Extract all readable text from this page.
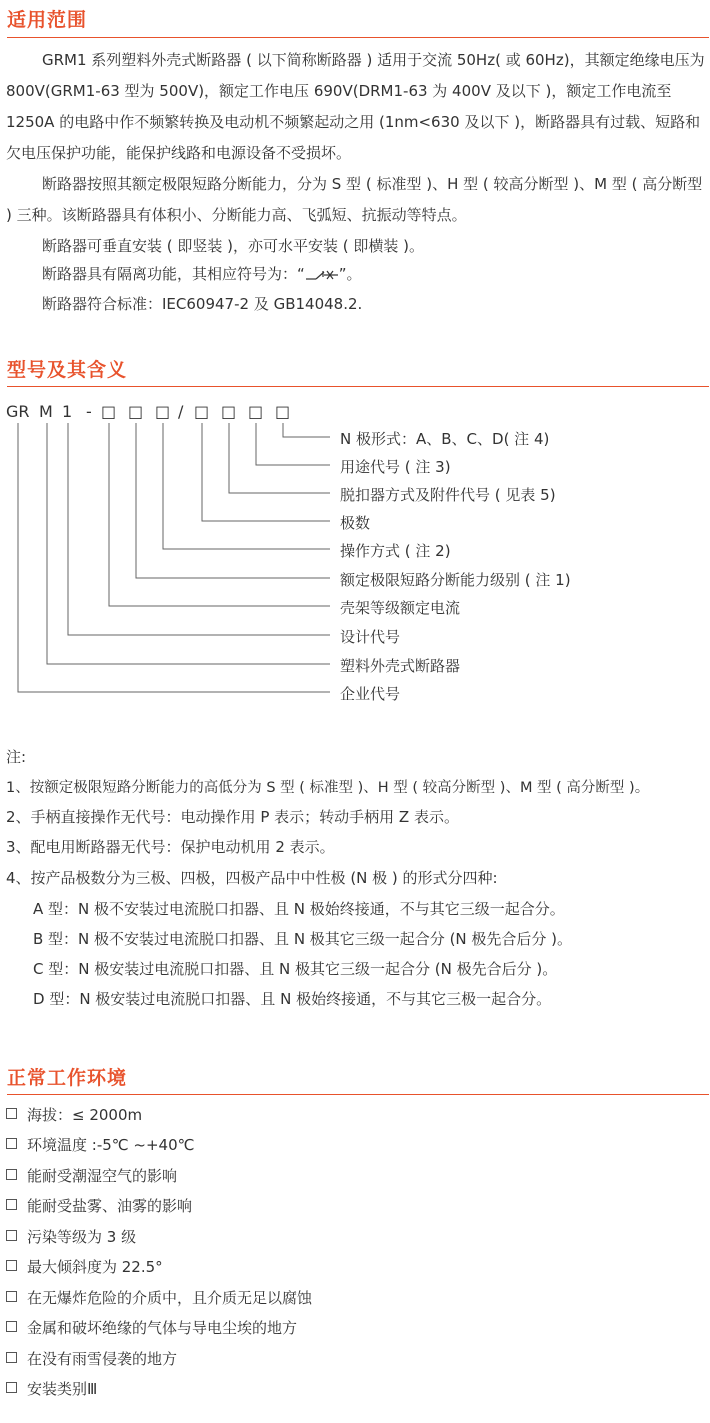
适用范围

GRM1 系列塑料外壳式断路器 ( 以下简称断路器 ) 适用于交流 50Hz( 或 60Hz)，其额定绝缘电压为 800V(GRM1-63 型为 500V)，额定工作电压 690V(DRM1-63 为 400V 及以下 )，额定工作电流至 1250A 的电路中作不频繁转换及电动机不频繁起动之用 (1nm<630 及以下 )，断路器具有过载、短路和欠电压保护功能，能保护线路和电源设备不受损坏。

断路器按照其额定极限短路分断能力，分为 S 型 ( 标准型 )、H 型 ( 较高分断型 )、M 型 ( 高分断型 ) 三种。该断路器具有体积小、分断能力高、飞弧短、抗振动等特点。

断路器可垂直安装 ( 即竖装 )，亦可水平安装 ( 即横装 )。

断路器具有隔离功能，其相应符号为：“ ”。

断路器符合标准：IEC60947-2 及 GB14048.2.

型号及其含义
GR M 1 - □ □ □ / □ □ □ □
N 极形式：A、B、C、D( 注 4)
用途代号 ( 注 3)
脱扣器方式及附件代号 ( 见表 5)
极数
操作方式 ( 注 2)
额定极限短路分断能力级别 ( 注 1)
壳架等级额定电流
设计代号
塑料外壳式断路器
企业代号
注:
1、按额定极限短路分断能力的高低分为 S 型 ( 标准型 )、H 型 ( 较高分断型 )、M 型 ( 高分断型 )。
2、手柄直接操作无代号：电动操作用 P 表示；转动手柄用 Z 表示。
3、配电用断路器无代号：保护电动机用 2 表示。
4、按产品极数分为三极、四极，四极产品中中性极 (N 极 ) 的形式分四种:
A 型：N 极不安装过电流脱口扣器、且 N 极始终接通，不与其它三级一起合分。
B 型：N 极不安装过电流脱口扣器、且 N 极其它三级一起合分 (N 极先合后分 )。
C 型：N 极安装过电流脱口扣器、且 N 极其它三级一起合分 (N 极先合后分 )。
D 型：N 极安装过电流脱口扣器、且 N 极始终接通，不与其它三极一起合分。
正常工作环境
海拔：≤ 2000m
环境温度 :-5℃ ~+40℃
能耐受潮湿空气的影响
能耐受盐雾、油雾的影响
污染等级为 3 级
最大倾斜度为 22.5°
在无爆炸危险的介质中，且介质无足以腐蚀
金属和破坏绝缘的气体与导电尘埃的地方
在没有雨雪侵袭的地方
安装类别Ⅲ
